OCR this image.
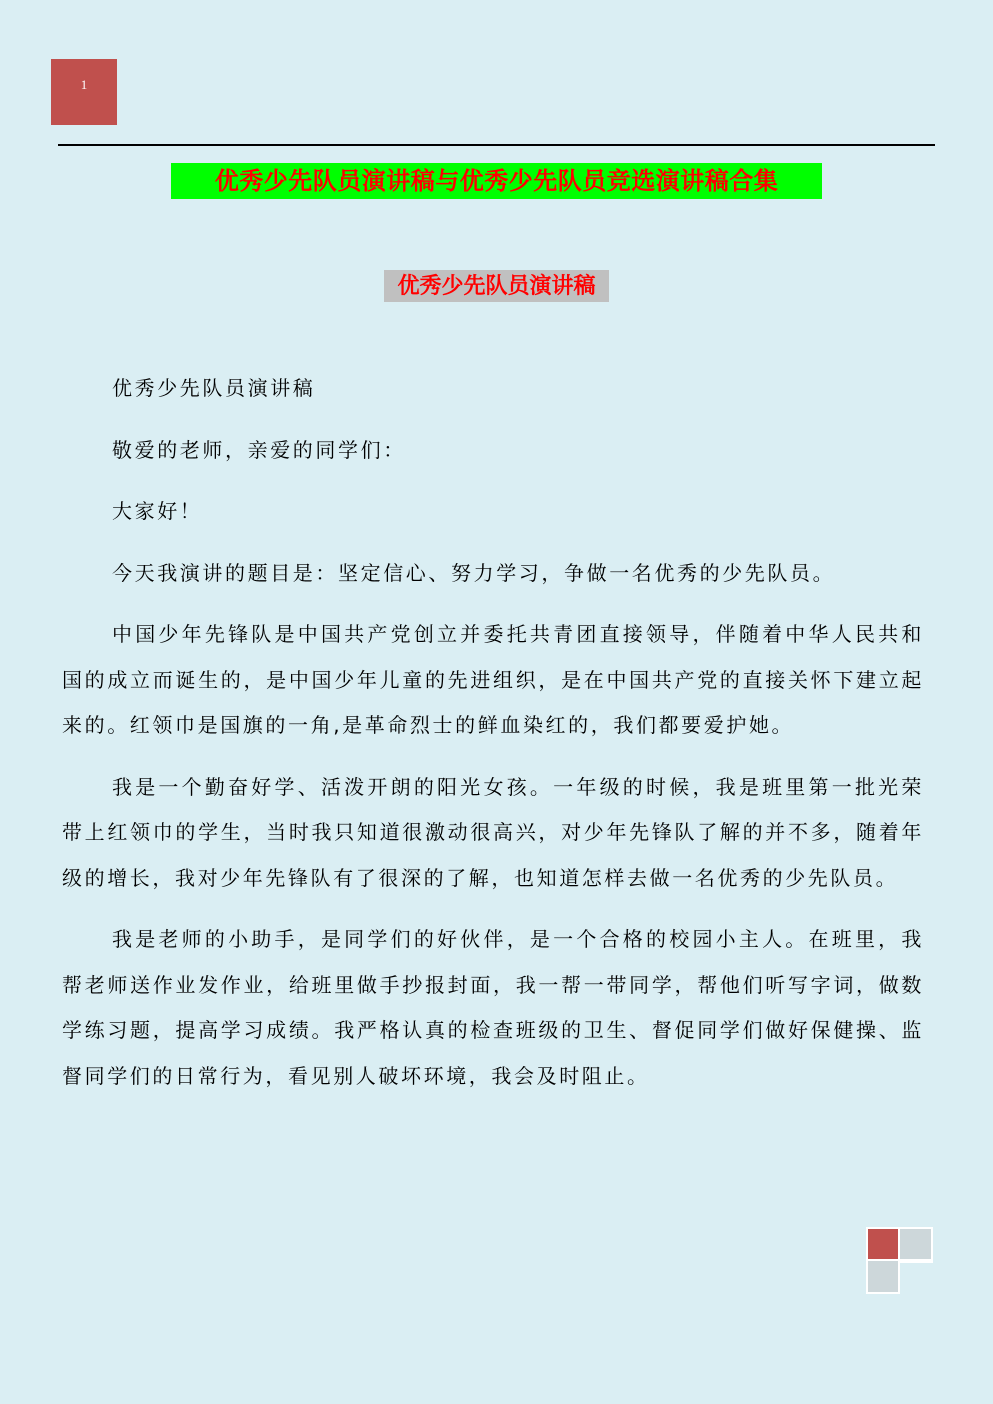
1
优秀少先队员演讲稿与优秀少先队员竞选演讲稿合集
优秀少先队员演讲稿

优秀少先队员演讲稿

敬爱的老师，亲爱的同学们：

大家好！

今天我演讲的题目是：坚定信心、努力学习，争做一名优秀的少先队员。

中国少年先锋队是中国共产党创立并委托共青团直接领导，伴随着中华人民共和国的成立而诞生的，是中国少年儿童的先进组织，是在中国共产党的直接关怀下建立起来的。红领巾是国旗的一角,是革命烈士的鲜血染红的，我们都要爱护她。

我是一个勤奋好学、活泼开朗的阳光女孩。一年级的时候，我是班里第一批光荣带上红领巾的学生，当时我只知道很激动很高兴，对少年先锋队了解的并不多，随着年级的增长，我对少年先锋队有了很深的了解，也知道怎样去做一名优秀的少先队员。

我是老师的小助手，是同学们的好伙伴，是一个合格的校园小主人。在班里，我帮老师送作业发作业，给班里做手抄报封面，我一帮一带同学，帮他们听写字词，做数学练习题，提高学习成绩。我严格认真的检查班级的卫生、督促同学们做好保健操、监督同学们的日常行为，看见别人破坏环境，我会及时阻止。
